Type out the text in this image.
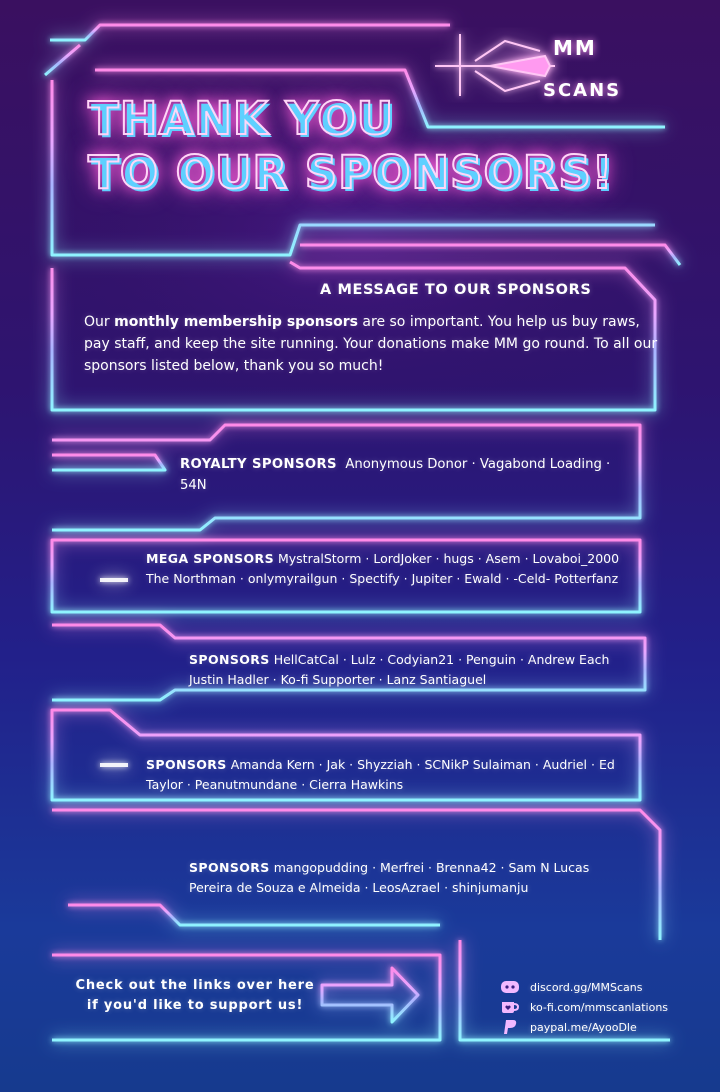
MM
SCANS
THANK YOU
TO OUR SPONSORS!
A MESSAGE TO OUR SPONSORS
Our monthly membership sponsors are so important. You help us buy raws, pay staff, and keep the site running. Your donations make MM go round. To all our sponsors listed below, thank you so much!
ROYALTY SPONSORS Anonymous Donor · Vagabond Loading · 54N
MEGA SPONSORS MystralStorm · LordJoker · hugs · Asem · Lovaboi_2000 The Northman · onlymyrailgun · Spectify · Jupiter · Ewald · -Celd- Potterfanz
SPONSORS HellCatCal · Lulz · Codyian21 · Penguin · Andrew Each Justin Hadler · Ko-fi Supporter · Lanz Santiaguel
SPONSORS Amanda Kern · Jak · Shyzziah · SCNikP Sulaiman · Audriel · Ed Taylor · Peanutmundane · Cierra Hawkins
SPONSORS mangopudding · Merfrei · Brenna42 · Sam N Lucas Pereira de Souza e Almeida · LeosAzrael · shinjumanju
Check out the links over here if you'd like to support us!
discord.gg/MMScans
ko-fi.com/mmscanlations
paypal.me/AyooDle
